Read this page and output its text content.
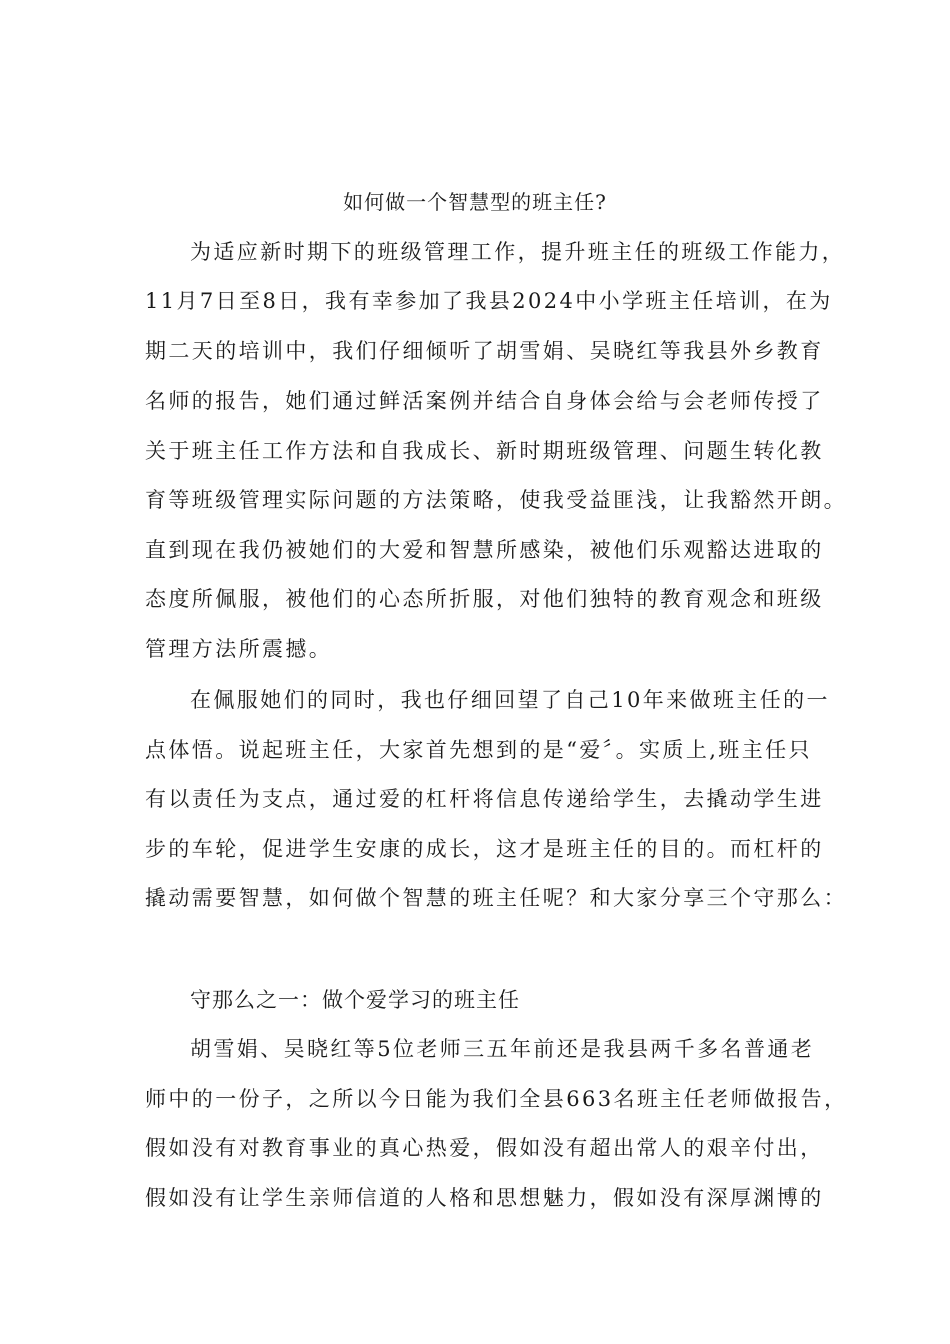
如何做一个智慧型的班主任?
为适应新时期下的班级管理工作，提升班主任的班级工作能力，
11月7日至8日，我有幸参加了我县2024中小学班主任培训，在为
期二天的培训中，我们仔细倾听了胡雪娟、吴晓红等我县外乡教育
名师的报告，她们通过鲜活案例并结合自身体会给与会老师传授了
关于班主任工作方法和自我成长、新时期班级管理、问题生转化教
育等班级管理实际问题的方法策略，使我受益匪浅，让我豁然开朗。
直到现在我仍被她们的大爱和智慧所感染，被他们乐观豁达进取的
态度所佩服，被他们的心态所折服，对他们独特的教育观念和班级
管理方法所震撼。
在佩服她们的同时，我也仔细回望了自己10年来做班主任的一
点体悟。说起班主任，大家首先想到的是“爱〞。实质上,班主任只
有以责任为支点，通过爱的杠杆将信息传递给学生，去撬动学生进
步的车轮，促进学生安康的成长，这才是班主任的目的。而杠杆的
撬动需要智慧，如何做个智慧的班主任呢？和大家分享三个守那么：
守那么之一：做个爱学习的班主任
胡雪娟、吴晓红等5位老师三五年前还是我县两千多名普通老
师中的一份子，之所以今日能为我们全县663名班主任老师做报告，
假如没有对教育事业的真心热爱，假如没有超出常人的艰辛付出，
假如没有让学生亲师信道的人格和思想魅力，假如没有深厚渊博的
